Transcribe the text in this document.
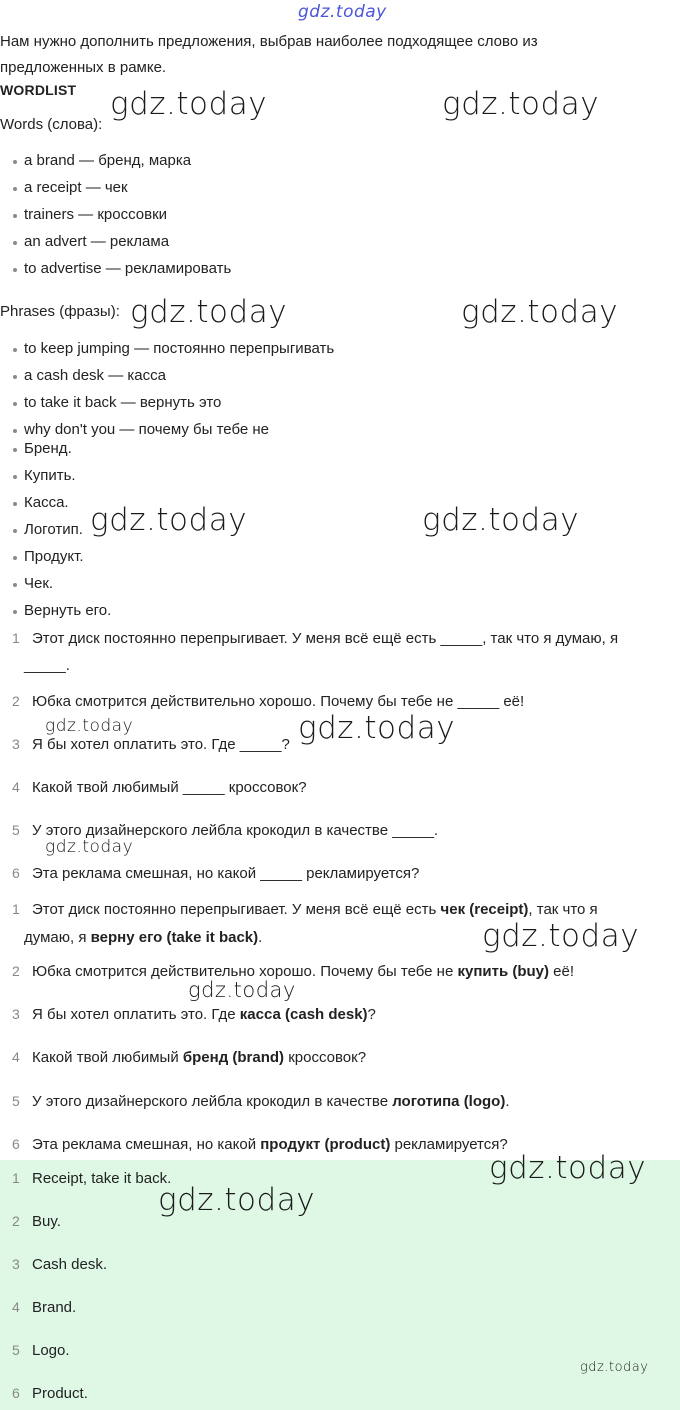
gdz.today
Нам нужно дополнить предложения, выбрав наиболее подходящее слово из предложенных в рамке.
WORDLIST
Words (слова):
a brand — бренд, марка
a receipt — чек
trainers — кроссовки
an advert — реклама
to advertise — рекламировать
Phrases (фразы):
to keep jumping — постоянно перепрыгивать
a cash desk — касса
to take it back — вернуть это
why don't you — почему бы тебе не
Бренд.
Купить.
Касса.
Логотип.
Продукт.
Чек.
Вернуть его.
1 Этот диск постоянно перепрыгивает. У меня всё ещё есть _____, так что я думаю, я
_____.
2 Юбка смотрится действительно хорошо. Почему бы тебе не _____ её!
3 Я бы хотел оплатить это. Где _____?
4 Какой твой любимый _____ кроссовок?
5 У этого дизайнерского лейбла крокодил в качестве _____.
6 Эта реклама смешная, но какой _____ рекламируется?
1 Этот диск постоянно перепрыгивает. У меня всё ещё есть чек (receipt), так что я
думаю, я верну его (take it back).
2 Юбка смотрится действительно хорошо. Почему бы тебе не купить (buy) её!
3 Я бы хотел оплатить это. Где касса (cash desk)?
4 Какой твой любимый бренд (brand) кроссовок?
5 У этого дизайнерского лейбла крокодил в качестве логотипа (logo).
6 Эта реклама смешная, но какой продукт (product) рекламируется?
1 Receipt, take it back.
2 Buy.
3 Cash desk.
4 Brand.
5 Logo.
6 Product.
gdz.today	gdz.today
gdz.today	gdz.today
gdz.today	gdz.today
gdz.today	gdz.today
gdz.today
gdz.today
gdz.today
gdz.today
gdz.today
gdz.today
